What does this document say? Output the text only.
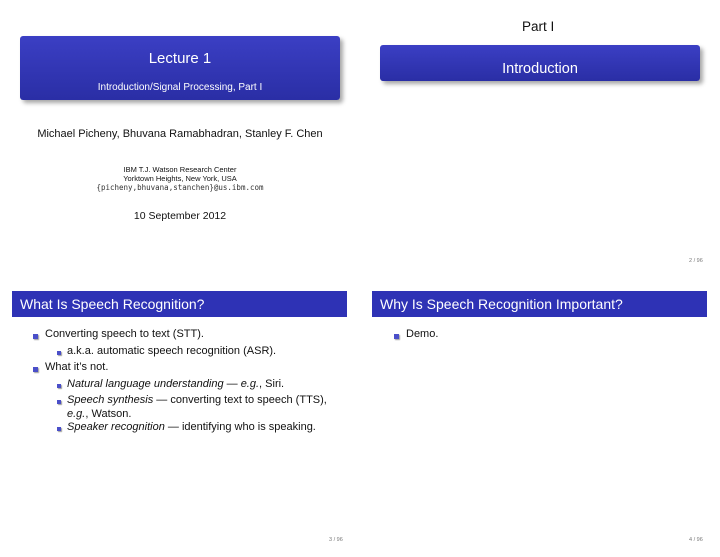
Lecture 1
Introduction/Signal Processing, Part I
Michael Picheny, Bhuvana Ramabhadran, Stanley F. Chen
IBM T.J. Watson Research Center
Yorktown Heights, New York, USA
{picheny,bhuvana,stanchen}@us.ibm.com
10 September 2012
Part I
Introduction
2 / 96
What Is Speech Recognition?
Converting speech to text (STT).
a.k.a. automatic speech recognition (ASR).
What it’s not.
Natural language understanding — e.g., Siri.
Speech synthesis — converting text to speech (TTS),
e.g., Watson.
Speaker recognition — identifying who is speaking.
3 / 96
Why Is Speech Recognition Important?
Demo.
4 / 96
